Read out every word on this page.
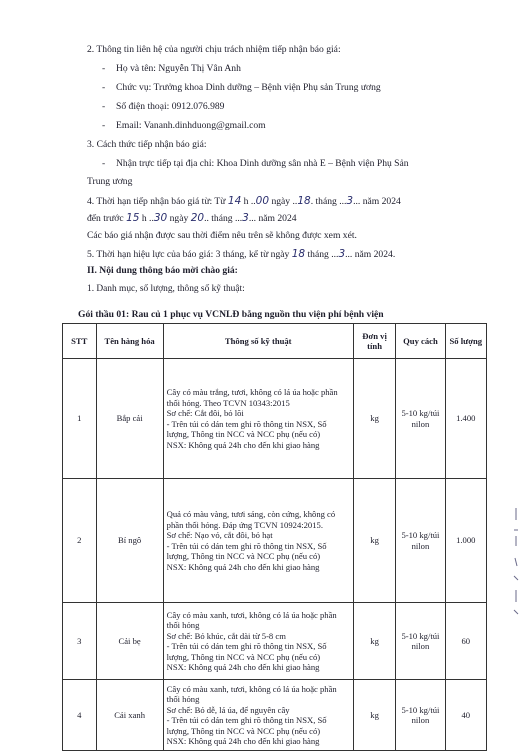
2. Thông tin liên hệ của người chịu trách nhiệm tiếp nhận báo giá:
- Họ và tên: Nguyễn Thị Vân Anh
- Chức vụ: Trưởng khoa Dinh dưỡng – Bệnh viện Phụ sản Trung ương
- Số điện thoại: 0912.076.989
- Email: Vananh.dinhduong@gmail.com
3. Cách thức tiếp nhận báo giá:
- Nhận trực tiếp tại địa chỉ: Khoa Dinh dưỡng sân nhà E – Bệnh viện Phụ Sản
Trung ương
4. Thời hạn tiếp nhận báo giá từ: Từ 14 h ..00 ngày ..18. tháng ...3... năm 2024
đến trước 15 h ..30 ngày 20.. tháng ...3... năm 2024
Các báo giá nhận được sau thời điểm nêu trên sẽ không được xem xét.
5. Thời hạn hiệu lực của báo giá: 3 tháng, kể từ ngày 18 tháng ...3... năm 2024.
II. Nội dung thông báo mời chào giá:
1. Danh mục, số lượng, thông số kỹ thuật:
Gói thầu 01: Rau củ 1 phục vụ VCNLĐ bằng nguồn thu viện phí bệnh viện
STT	Tên hàng hóa	Thông số kỹ thuật	Đơn vị tính	Quy cách	Số lượng
1	Bắp cải	Cây có màu trắng, tươi, không có lá úa hoặc phần thối hỏng. Theo TCVN 10343:2015
Sơ chế: Cắt đôi, bỏ lõi
- Trên túi có dán tem ghi rõ thông tin NSX, Số lượng, Thông tin NCC và NCC phụ (nếu có)
NSX: Không quá 24h cho đến khi giao hàng	kg	5-10 kg/túi nilon	1.400
2	Bí ngô	Quả có màu vàng, tươi sáng, còn cứng, không có phần thối hỏng. Đáp ứng TCVN 10924:2015.
Sơ chế: Nạo vỏ, cắt đôi, bỏ hạt
- Trên túi có dán tem ghi rõ thông tin NSX, Số lượng, Thông tin NCC và NCC phụ (nếu có)
NSX: Không quá 24h cho đến khi giao hàng	kg	5-10 kg/túi nilon	1.000
3	Cải bẹ	Cây có màu xanh, tươi, không có lá úa hoặc phần thối hỏng
Sơ chế: Bỏ khúc, cắt dài từ 5-8 cm
- Trên túi có dán tem ghi rõ thông tin NSX, Số lượng, Thông tin NCC và NCC phụ (nếu có)
NSX: Không quá 24h cho đến khi giao hàng	kg	5-10 kg/túi nilon	60
4	Cải xanh	Cây có màu xanh, tươi, không có lá úa hoặc phần thối hỏng
Sơ chế: Bỏ dễ, lá úa, để nguyên cây
- Trên túi có dán tem ghi rõ thông tin NSX, Số lượng, Thông tin NCC và NCC phụ (nếu có)
NSX: Không quá 24h cho đến khi giao hàng	kg	5-10 kg/túi nilon	40
